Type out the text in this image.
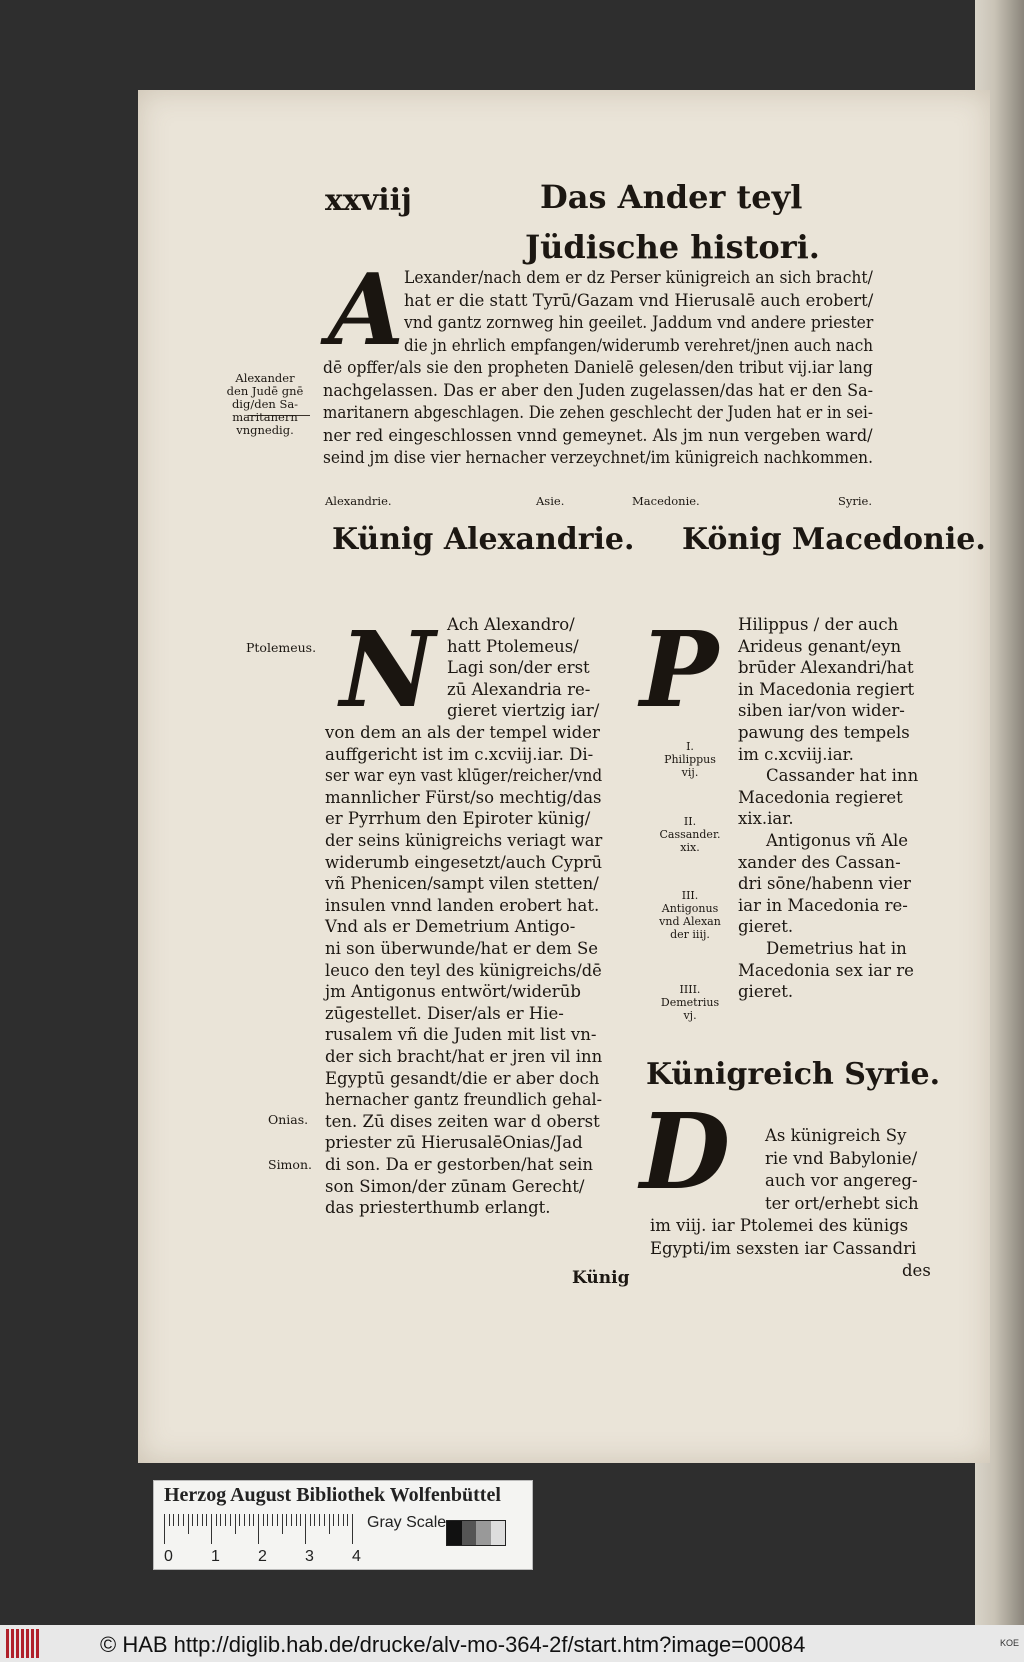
xxviij	Das Ander teyl
Jüdische histori.
A Lexander/nach dem er dz Perser künigreich an sich bracht/
hat er die statt Tyrū/Gazam vnd Hierusalē auch erobert/
vnd gantz zornweg hin geeilet. Jaddum vnd andere priester
die jn ehrlich empfangen/widerumb verehret/jnen auch nach
dē opffer/als sie den propheten Danielē gelesen/den tribut vij.iar lang
nachgelassen. Das er aber den Juden zugelassen/das hat er den Sa-
maritanern abgeschlagen. Die zehen geschlecht der Juden hat er in sei-
ner red eingeschlossen vnnd gemeynet. Als jm nun vergeben ward/
seind jm dise vier hernacher verzeychnet/im künigreich nachkommen.
Alexander
den Judē gnē
dig/den Sa-
maritanern
vngnedig.
Alexandrie.	Asie.	Macedonie.	Syrie.
Künig Alexandrie.
N Ach Alexandro/
hatt Ptolemeus/
Lagi son/der erst
zū Alexandria re-
gieret viertzig iar/
von dem an als der tempel wider
auffgericht ist im c.xcviij.iar. Di-
ser war eyn vast klūger/reicher/vnd
mannlicher Fürst/so mechtig/das
er Pyrrhum den Epiroter künig/
der seins künigreichs veriagt war
widerumb eingesetzt/auch Cyprū
vñ Phenicen/sampt vilen stetten/
insulen vnnd landen erobert hat.
Vnd als er Demetrium Antigo-
ni son überwunde/hat er dem Se
leuco den teyl des künigreichs/dē
jm Antigonus entwört/widerūb
zūgestellet. Diser/als er Hie-
rusalem vñ die Juden mit list vn-
der sich bracht/hat er jren vil inn
Egyptū gesandt/die er aber doch
hernacher gantz freundlich gehal-
ten. Zū dises zeiten war d oberst
priester zū HierusalēOnias/Jad
di son. Da er gestorben/hat sein
son Simon/der zūnam Gerecht/
das priesterthumb erlangt.
Ptolemeus.
Onias.
Simon.
Künig
König Macedonie.
P Hilippus / der auch
Arideus genant/eyn
brūder Alexandri/hat
in Macedonia regiert
siben iar/von wider-
pawung des tempels
im c.xcviij.iar.
Cassander hat inn
Macedonia regieret
xix.iar.
Antigonus vñ Ale
xander des Cassan-
dri sōne/habenn vier
iar in Macedonia re-
gieret.
Demetrius hat in
Macedonia sex iar re
gieret.
I.
Philippus
vij.
II.
Cassander.
xix.
III.
Antigonus
vnd Alexan
der iiij.
IIII.
Demetrius
vj.
Künigreich Syrie.
D As künigreich Sy
rie vnd Babylonie/
auch vor angereg-
ter ort/erhebt sich
im viij. iar Ptolemei des künigs
Egypti/im sexsten iar Cassandri
des
Herzog August Bibliothek Wolfenbüttel
0 1 2 3 4
Gray Scale
© HAB http://diglib.hab.de/drucke/alv-mo-364-2f/start.htm?image=00084	KOE
